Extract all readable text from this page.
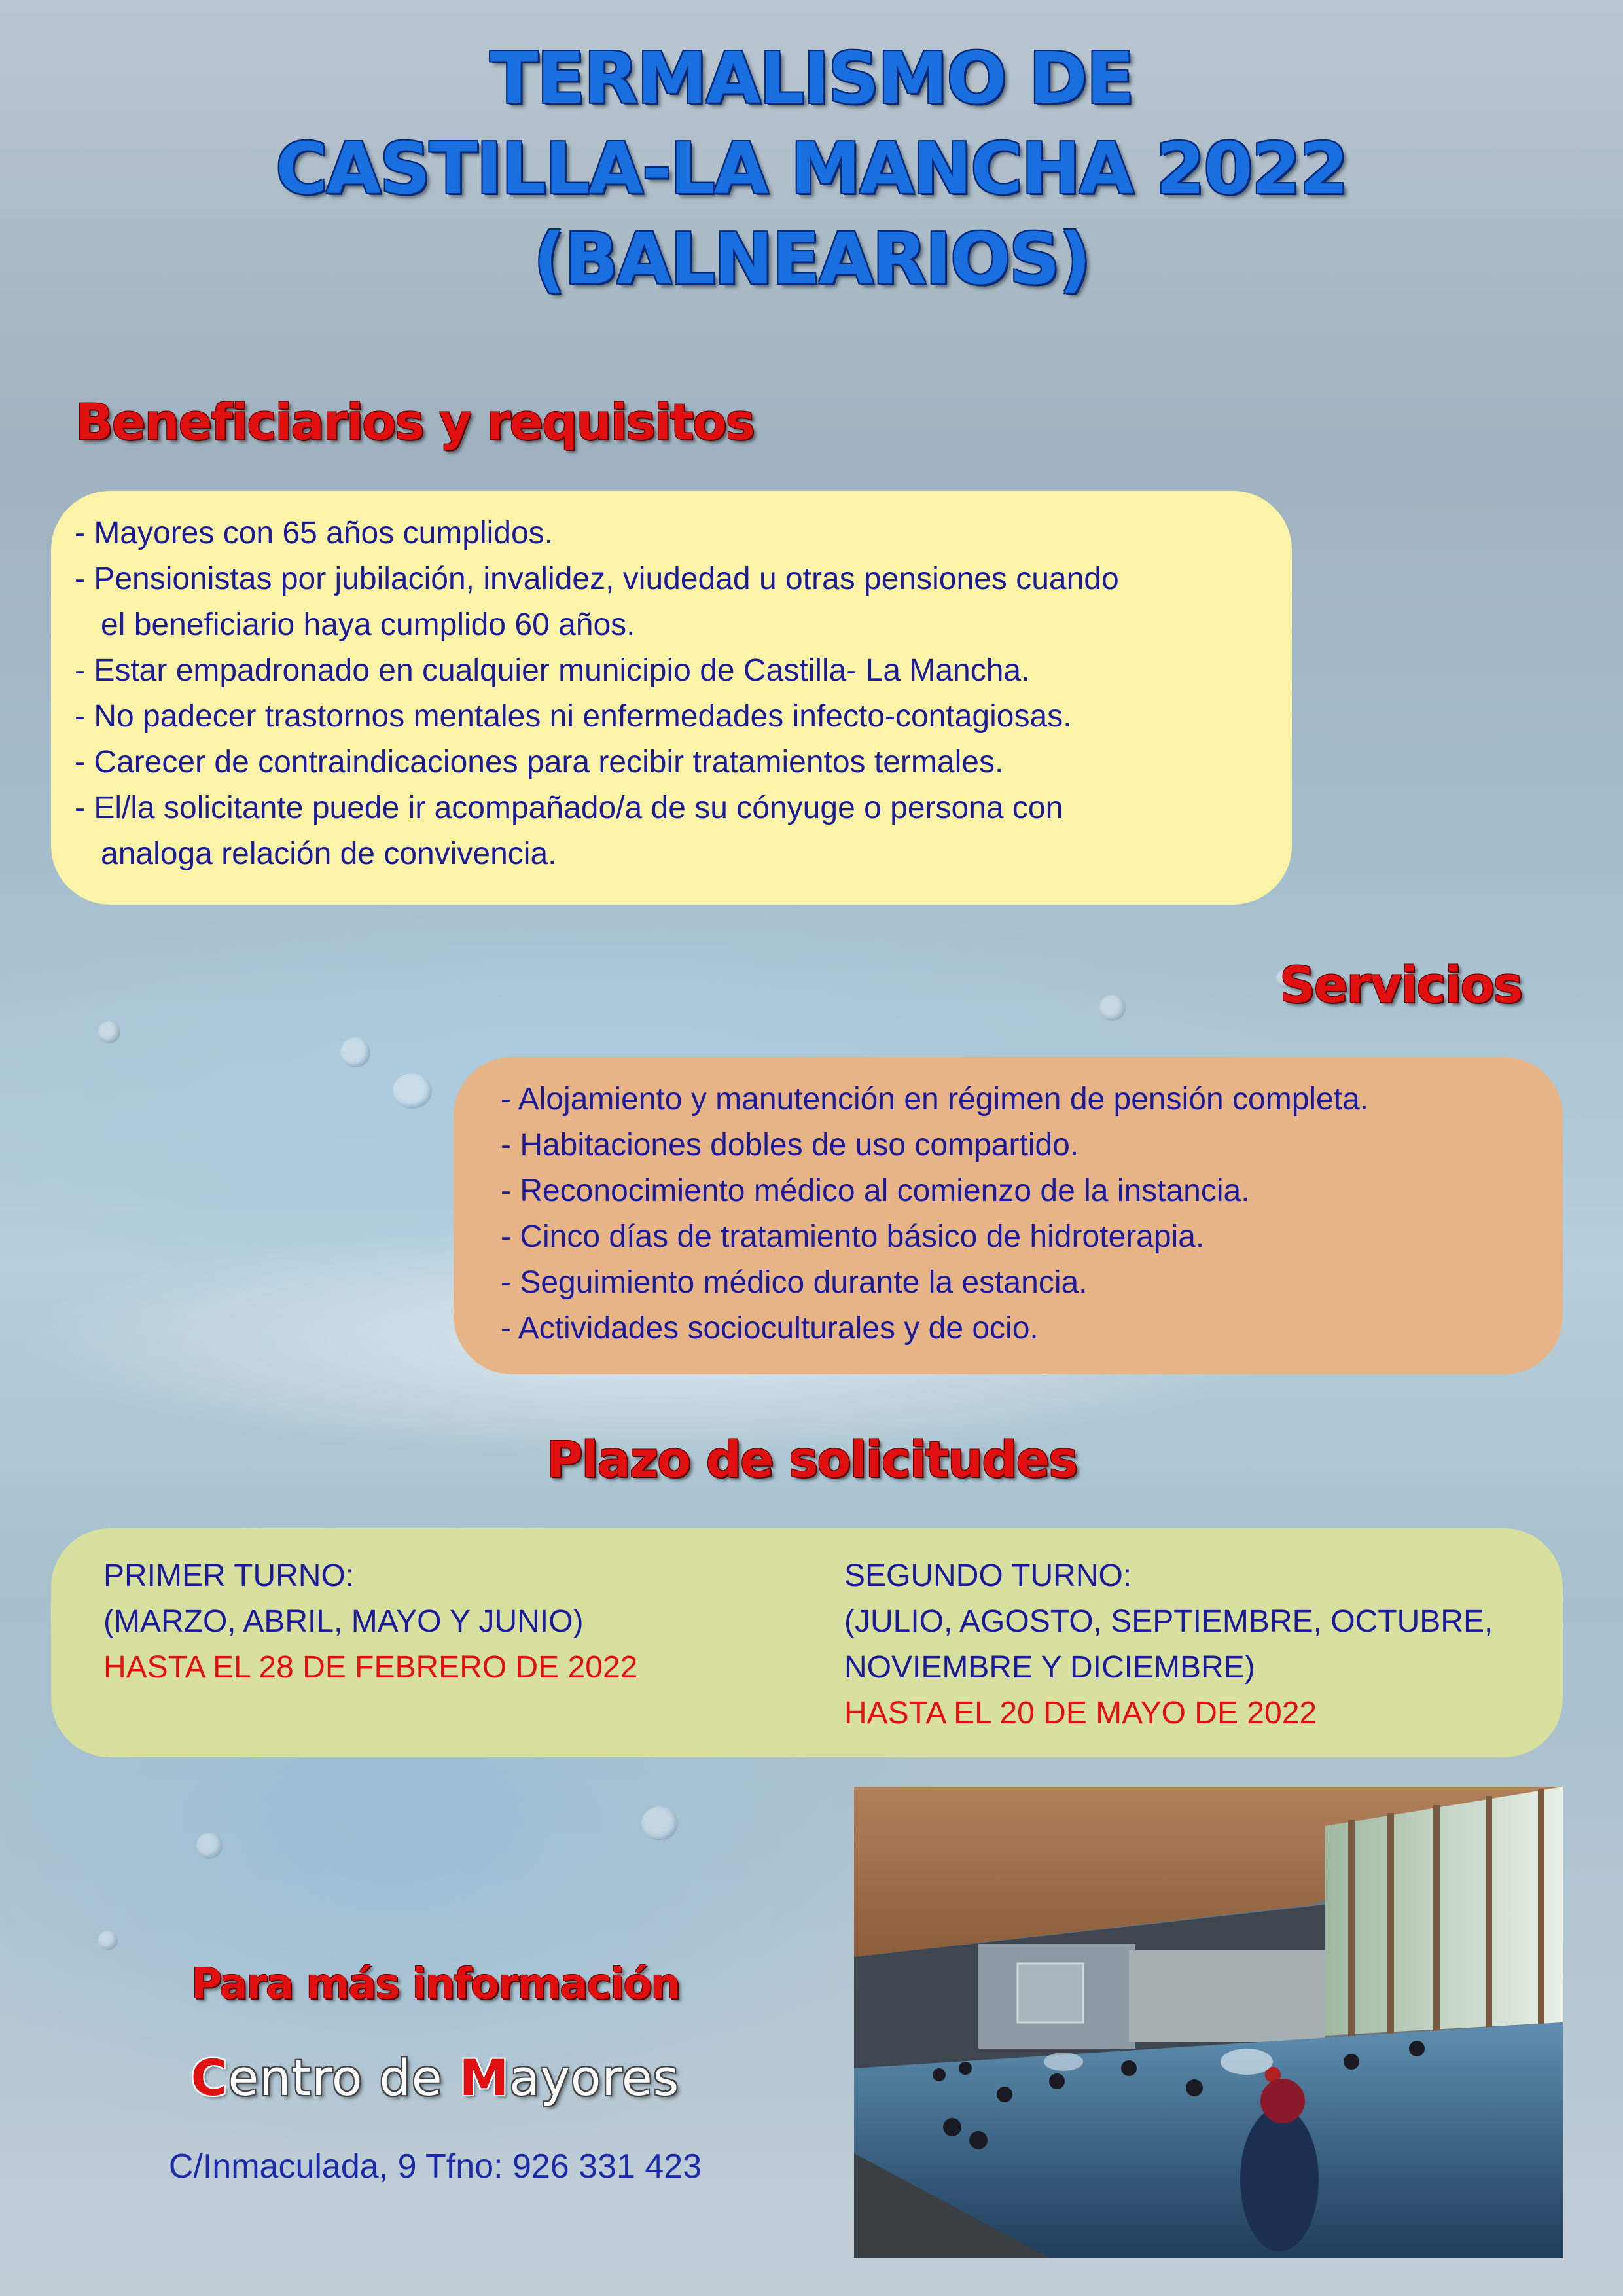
TERMALISMO DE
CASTILLA-LA MANCHA 2022
(BALNEARIOS)
Beneficiarios y requisitos
- Mayores con 65 años cumplidos.
- Pensionistas por jubilación, invalidez, viudedad u otras pensiones cuando
el beneficiario haya cumplido 60 años.
- Estar empadronado en cualquier municipio de Castilla- La Mancha.
- No padecer trastornos mentales ni enfermedades infecto-contagiosas.
- Carecer de contraindicaciones para recibir tratamientos termales.
- El/la solicitante puede ir acompañado/a de su cónyuge o persona con
analoga relación de convivencia.
Servicios
- Alojamiento y manutención en régimen de pensión completa.
- Habitaciones dobles de uso compartido.
- Reconocimiento médico al comienzo de la instancia.
- Cinco días de tratamiento básico de hidroterapia.
- Seguimiento médico durante la estancia.
- Actividades socioculturales y de ocio.
Plazo de solicitudes
PRIMER TURNO:
(MARZO, ABRIL, MAYO Y JUNIO)
HASTA EL 28 DE FEBRERO DE 2022
SEGUNDO TURNO:
(JULIO, AGOSTO, SEPTIEMBRE, OCTUBRE,
NOVIEMBRE Y DICIEMBRE)
HASTA EL 20 DE MAYO DE 2022
Para más información
Centro de Mayores
C/Inmaculada, 9 Tfno: 926 331 423
